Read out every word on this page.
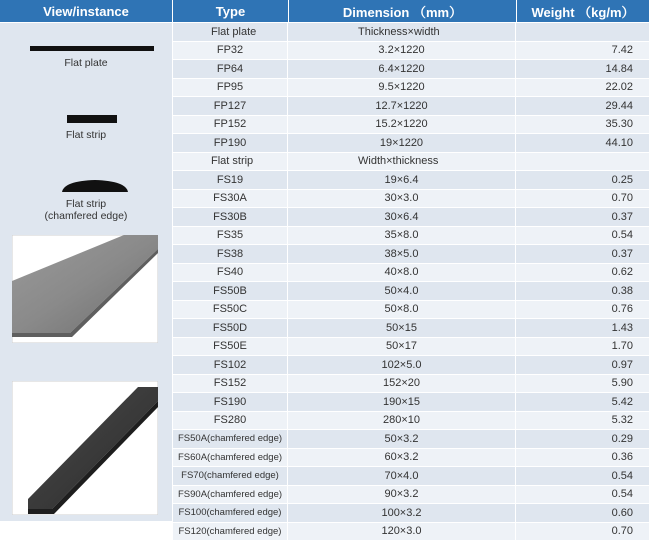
View/instance	Type	Dimension （mm）	Weight （kg/m）
Flat plate
Flat strip
Flat strip
(chamfered edge)
Flat plate	Thickness×width
FP32	3.2×1220	7.42
FP64	6.4×1220	14.84
FP95	9.5×1220	22.02
FP127	12.7×1220	29.44
FP152	15.2×1220	35.30
FP190	19×1220	44.10
Flat strip	Width×thickness
FS19	19×6.4	0.25
FS30A	30×3.0	0.70
FS30B	30×6.4	0.37
FS35	35×8.0	0.54
FS38	38×5.0	0.37
FS40	40×8.0	0.62
FS50B	50×4.0	0.38
FS50C	50×8.0	0.76
FS50D	50×15	1.43
FS50E	50×17	1.70
FS102	102×5.0	0.97
FS152	152×20	5.90
FS190	190×15	5.42
FS280	280×10	5.32
FS50A(chamfered edge)	50×3.2	0.29
FS60A(chamfered edge)	60×3.2	0.36
FS70(chamfered edge)	70×4.0	0.54
FS90A(chamfered edge)	90×3.2	0.54
FS100(chamfered edge)	100×3.2	0.60
FS120(chamfered edge)	120×3.0	0.70
